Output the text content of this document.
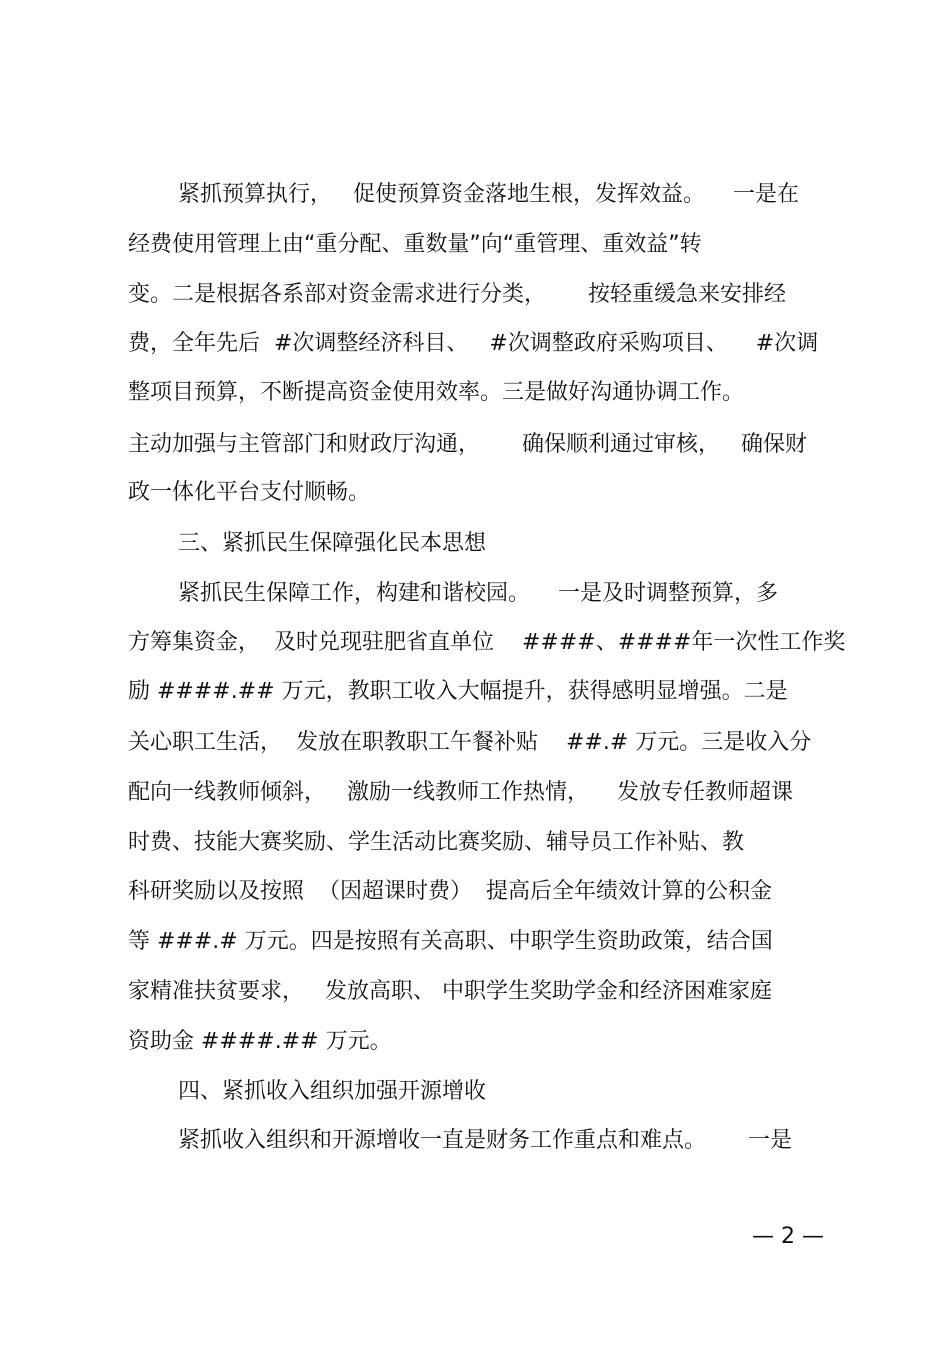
紧抓预算执行，   促使预算资金落地生根，发挥效益。    一是在
经费使用管理上由“重分配、重数量”向“重管理、重效益”转
变。二是根据各系部对资金需求进行分类，      按轻重缓急来安排经
费，全年先后  #次调整经济科目、   #次调整政府采购项目、    #次调
整项目预算，不断提高资金使用效率。三是做好沟通协调工作。
主动加强与主管部门和财政厅沟通，      确保顺利通过审核，   确保财
政一体化平台支付顺畅。
三、紧抓民生保障强化民本思想
紧抓民生保障工作，构建和谐校园。    一是及时调整预算，多
方筹集资金，  及时兑现驻肥省直单位    ####、####年一次性工作奖
励 ####.## 万元，教职工收入大幅提升，获得感明显增强。二是
关心职工生活，  发放在职教职工午餐补贴    ##.# 万元。三是收入分
配向一线教师倾斜，   激励一线教师工作热情，    发放专任教师超课
时费、技能大赛奖励、学生活动比赛奖励、辅导员工作补贴、教
科研奖励以及按照  （因超课时费）  提高后全年绩效计算的公积金
等 ###.# 万元。四是按照有关高职、中职学生资助政策，结合国
家精准扶贫要求，   发放高职、 中职学生奖助学金和经济困难家庭
资助金 ####.## 万元。
四、紧抓收入组织加强开源增收
紧抓收入组织和开源增收一直是财务工作重点和难点。      一是
— 2 —
